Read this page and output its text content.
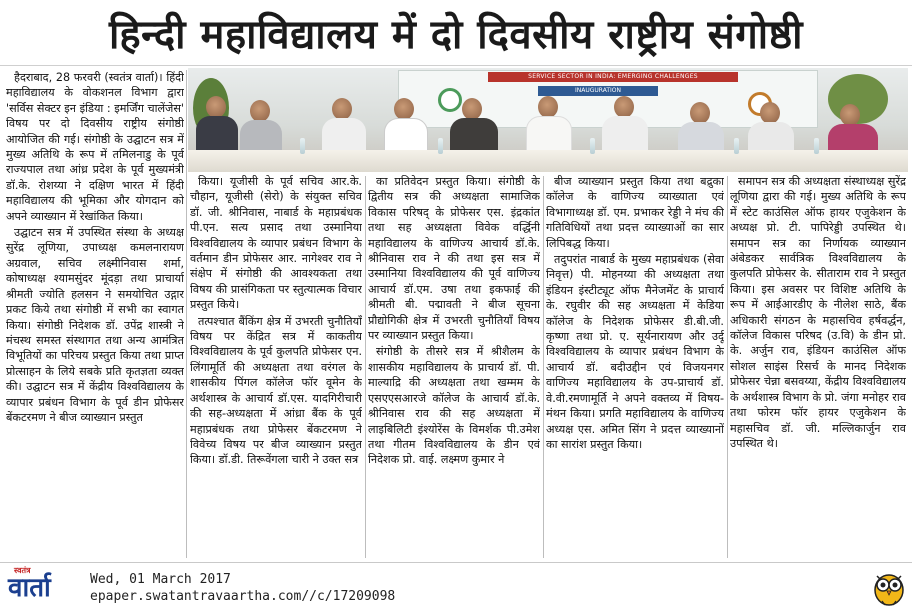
हिन्दी महाविद्यालय में दो दिवसीय राष्ट्रीय संगोष्ठी
SERVICE SECTOR IN INDIA: EMERGING CHALLENGES
INAUGURATION

हैदराबाद, 28 फरवरी (स्वतंत्र वार्ता)। हिंदी महाविद्यालय के वोकशनल विभाग द्वारा 'सर्विस सेक्टर इन इंडिया : इमर्जिंग चालेंजेस' विषय पर दो दिवसीय राष्ट्रीय संगोष्ठी आयोजित की गई। संगोष्ठी के उद्घाटन सत्र में मुख्य अतिथि के रूप में तमिलनाडु के पूर्व राज्यपाल तथा आंध्र प्रदेश के पूर्व मुख्यमंत्री डॉ.के. रोशय्या ने दक्षिण भारत में हिंदी महाविद्यालय की भूमिका और योगदान को अपने व्याख्यान में रेखांकित किया।

उद्घाटन सत्र में उपस्थित संस्था के अध्यक्ष सुरेंद्र लूणिया, उपाध्यक्ष कमलनारायण अग्रवाल, सचिव लक्ष्मीनिवास शर्मा, कोषाध्यक्ष श्यामसुंदर मूंदड़ा तथा प्राचार्या श्रीमती ज्योति हलसन ने समयोचित उद्गार प्रकट किये तथा संगोष्ठी में सभी का स्वागत किया। संगोष्ठी निदेशक डॉ. उपेंद्र शास्त्री ने मंचस्थ समस्त संस्थागत तथा अन्य आमंत्रित विभूतियों का परिचय प्रस्तुत किया तथा प्राप्त प्रोत्साहन के लिये सबके प्रति कृतज्ञता व्यक्त की। उद्घाटन सत्र में केंद्रीय विश्वविद्यालय के व्यापार प्रबंधन विभाग के पूर्व डीन प्रोफेसर बेंकटरमण ने बीज व्याख्यान प्रस्तुत

किया। यूजीसी के पूर्व सचिव आर.के. चौहान, यूजीसी (सेरो) के संयुक्त सचिव डॉ. जी. श्रीनिवास, नाबार्ड के महाप्रबंधक पी.एन. सत्य प्रसाद तथा उस्मानिया विश्वविद्यालय के व्यापार प्रबंधन विभाग के वर्तमान डीन प्रोफेसर आर. नागेश्वर राव ने संक्षेप में संगोष्ठी की आवश्यकता तथा विषय की प्रासंगिकता पर स्तुत्यात्मक विचार प्रस्तुत किये।

तत्पश्चात बैंकिंग क्षेत्र में उभरती चुनौतियाँ विषय पर केंद्रित सत्र में काकतीय विश्वविद्यालय के पूर्व कुलपति प्रोफेसर एन. लिंगामूर्ति की अध्यक्षता तथा वरंगल के शासकीय पिंगल कॉलेज फॉर वूमेन के अर्थशास्त्र के आचार्य डॉ.एस. यादगिरीचारी की सह-अध्यक्षता में आंध्रा बैंक के पूर्व महाप्रबंधक तथा प्रोफेसर बेंकटरमण ने विवेच्य विषय पर बीज व्याख्यान प्रस्तुत किया। डॉ.डी. तिरूवेंगला चारी ने उक्त सत्र

का प्रतिवेदन प्रस्तुत किया। संगोष्ठी के द्वितीय सत्र की अध्यक्षता सामाजिक विकास परिषद् के प्रोफेसर एस. इंद्रकांत तथा सह अध्यक्षता विवेक वर्द्धिनी महाविद्यालय के वाणिज्य आचार्य डॉ.के. श्रीनिवास राव ने की तथा इस सत्र में उस्मानिया विश्वविद्यालय की पूर्व वाणिज्य आचार्य डॉ.एम. उषा तथा इकफाई की श्रीमती बी. पद्मावती ने बीज सूचना प्रौद्योगिकी क्षेत्र में उभरती चुनौतियाँ विषय पर व्याख्यान प्रस्तुत किया।

संगोष्ठी के तीसरे सत्र में श्रीशैलम के शासकीय महाविद्यालय के प्राचार्य डॉ. पी. माल्याद्रि की अध्यक्षता तथा खम्मम के एसएएसआरजे कॉलेज के आचार्य डॉ.के. श्रीनिवास राव की सह अध्यक्षता में लाइबिलिटी इंश्योरेंस के विमर्शक पी.उमेश तथा गीतम विश्वविद्यालय के डीन एवं निदेशक प्रो. वाई. लक्ष्मण कुमार ने

बीज व्याख्यान प्रस्तुत किया तथा बद्रुका कॉलेज के वाणिज्य व्याख्याता एवं विभागाध्यक्ष डॉ. एम. प्रभाकर रेड्डी ने मंच की गतिविधियों तथा प्रदत्त व्याख्याओं का सार लिपिबद्ध किया।

तदुपरांत नाबार्ड के मुख्य महाप्रबंधक (सेवा निवृत्त) पी. मोहनय्या की अध्यक्षता तथा इंडियन इंस्टीट्यूट ऑफ मैनेजमेंट के प्राचार्य के. रघुवीर की सह अध्यक्षता में केडिया कॉलेज के निदेशक प्रोफेसर डी.बी.जी. कृष्णा तथा प्रो. ए. सूर्यनारायण और उर्दू विश्वविद्यालय के व्यापार प्रबंधन विभाग के आचार्य डॉ. बदीउद्दीन एवं विजयनगर वाणिज्य महाविद्यालय के उप-प्राचार्य डॉ. वे.वी.रमणामूर्ति ने अपने वक्तव्य में विषय-मंथन किया। प्रगति महाविद्यालय के वाणिज्य अध्यक्ष एस. अमित सिंग ने प्रदत्त व्याख्यानों का सारांश प्रस्तुत किया।

समापन सत्र की अध्यक्षता संस्थाध्यक्ष सुरेंद्र लूणिया द्वारा की गई। मुख्य अतिथि के रूप में स्टेट काउंसिल ऑफ हायर एजुकेशन के अध्यक्ष प्रो. टी. पापिरेड्डी उपस्थित थे। समापन सत्र का निर्णायक व्याख्यान अंबेडकर सार्वत्रिक विश्वविद्यालय के कुलपति प्रोफेसर के. सीताराम राव ने प्रस्तुत किया। इस अवसर पर विशिष्ट अतिथि के रूप में आईआरडीए के नीलेश साठे, बैंक अधिकारी संगठन के महासचिव हर्षवर्द्धन, कॉलेज विकास परिषद (उ.वि) के डीन प्रो. के. अर्जुन राव, इंडियन काउंसिल ऑफ सोशल साइंस रिसर्च के मानद निदेशक प्रोफेसर चेन्ना बसवय्या, केंद्रीय विश्वविद्यालय के अर्थशास्त्र विभाग के प्रो. जंगा मनोहर राव तथा फोरम फॉर हायर एजुकेशन के महासचिव डॉ. जी. मल्लिकार्जुन राव उपस्थित थे।

स्वतंत्र
वार्ता	Wed, 01 March 2017
epaper.swatantravaartha.com//c/17209098
